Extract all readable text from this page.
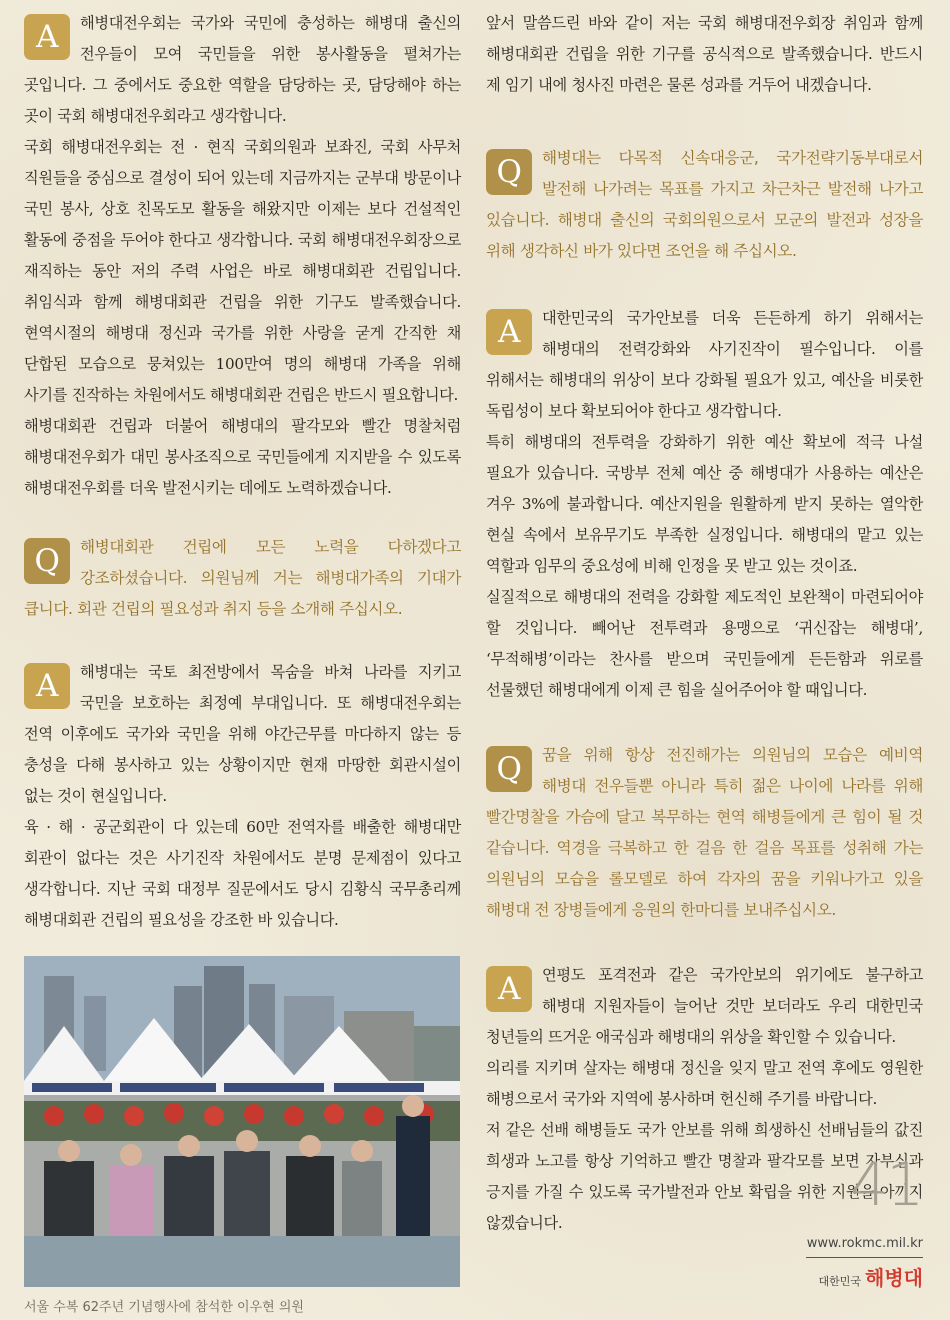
A	해병대전우회는 국가와 국민에 충성하는 해병대 출신의 전우들이 모여 국민들을 위한 봉사활동을 펼쳐가는 곳입니다. 그 중에서도 중요한 역할을 담당하는 곳, 담당해야 하는 곳이 국회 해병대전우회라고 생각합니다.

국회 해병대전우회는 전 · 현직 국회의원과 보좌진, 국회 사무처 직원들을 중심으로 결성이 되어 있는데 지금까지는 군부대 방문이나 국민 봉사, 상호 친목도모 활동을 해왔지만 이제는 보다 건설적인 활동에 중점을 두어야 한다고 생각합니다. 국회 해병대전우회장으로 재직하는 동안 저의 주력 사업은 바로 해병대회관 건립입니다. 취임식과 함께 해병대회관 건립을 위한 기구도 발족했습니다. 현역시절의 해병대 정신과 국가를 위한 사랑을 굳게 간직한 채 단합된 모습으로 뭉쳐있는 100만여 명의 해병대 가족을 위해 사기를 진작하는 차원에서도 해병대회관 건립은 반드시 필요합니다.

해병대회관 건립과 더불어 해병대의 팔각모와 빨간 명찰처럼 해병대전우회가 대민 봉사조직으로 국민들에게 지지받을 수 있도록 해병대전우회를 더욱 발전시키는 데에도 노력하겠습니다.

Q	해병대회관 건립에 모든 노력을 다하겠다고 강조하셨습니다. 의원님께 거는 해병대가족의 기대가 큽니다. 회관 건립의 필요성과 취지 등을 소개해 주십시오.

A	해병대는 국토 최전방에서 목숨을 바쳐 나라를 지키고 국민을 보호하는 최정예 부대입니다. 또 해병대전우회는 전역 이후에도 국가와 국민을 위해 야간근무를 마다하지 않는 등 충성을 다해 봉사하고 있는 상황이지만 현재 마땅한 회관시설이 없는 것이 현실입니다.

육 · 해 · 공군회관이 다 있는데 60만 전역자를 배출한 해병대만 회관이 없다는 것은 사기진작 차원에서도 분명 문제점이 있다고 생각합니다. 지난 국회 대정부 질문에서도 당시 김황식 국무총리께 해병대회관 건립의 필요성을 강조한 바 있습니다.

앞서 말씀드린 바와 같이 저는 국회 해병대전우회장 취임과 함께 해병대회관 건립을 위한 기구를 공식적으로 발족했습니다. 반드시 제 임기 내에 청사진 마련은 물론 성과를 거두어 내겠습니다.

Q	해병대는 다목적 신속대응군, 국가전략기동부대로서 발전해 나가려는 목표를 가지고 차근차근 발전해 나가고 있습니다. 해병대 출신의 국회의원으로서 모군의 발전과 성장을 위해 생각하신 바가 있다면 조언을 해 주십시오.

A	대한민국의 국가안보를 더욱 든든하게 하기 위해서는 해병대의 전력강화와 사기진작이 필수입니다. 이를 위해서는 해병대의 위상이 보다 강화될 필요가 있고, 예산을 비롯한 독립성이 보다 확보되어야 한다고 생각합니다.

특히 해병대의 전투력을 강화하기 위한 예산 확보에 적극 나설 필요가 있습니다. 국방부 전체 예산 중 해병대가 사용하는 예산은 겨우 3%에 불과합니다. 예산지원을 원활하게 받지 못하는 열악한 현실 속에서 보유무기도 부족한 실정입니다. 해병대의 맡고 있는 역할과 임무의 중요성에 비해 인정을 못 받고 있는 것이죠.

실질적으로 해병대의 전력을 강화할 제도적인 보완책이 마련되어야 할 것입니다. 빼어난 전투력과 용맹으로 ‘귀신잡는 해병대’, ‘무적해병’이라는 찬사를 받으며 국민들에게 든든함과 위로를 선물했던 해병대에게 이제 큰 힘을 실어주어야 할 때입니다.

Q	꿈을 위해 항상 전진해가는 의원님의 모습은 예비역 해병대 전우들뿐 아니라 특히 젊은 나이에 나라를 위해 빨간명찰을 가슴에 달고 복무하는 현역 해병들에게 큰 힘이 될 것 같습니다. 역경을 극복하고 한 걸음 한 걸음 목표를 성취해 가는 의원님의 모습을 롤모델로 하여 각자의 꿈을 키워나가고 있을 해병대 전 장병들에게 응원의 한마디를 보내주십시오.

A	연평도 포격전과 같은 국가안보의 위기에도 불구하고 해병대 지원자들이 늘어난 것만 보더라도 우리 대한민국 청년들의 뜨거운 애국심과 해병대의 위상을 확인할 수 있습니다.

의리를 지키며 살자는 해병대 정신을 잊지 말고 전역 후에도 영원한 해병으로서 국가와 지역에 봉사하며 헌신해 주기를 바랍니다.

저 같은 선배 해병들도 국가 안보를 위해 희생하신 선배님들의 값진 희생과 노고를 항상 기억하고 빨간 명찰과 팔각모를 보면 자부심과 긍지를 가질 수 있도록 국가발전과 안보 확립을 위한 지원을 아끼지 않겠습니다.

서울 수복 62주년 기념행사에 참석한 이우현 의원
41
www.rokmc.mil.kr
대한민국 해병대
